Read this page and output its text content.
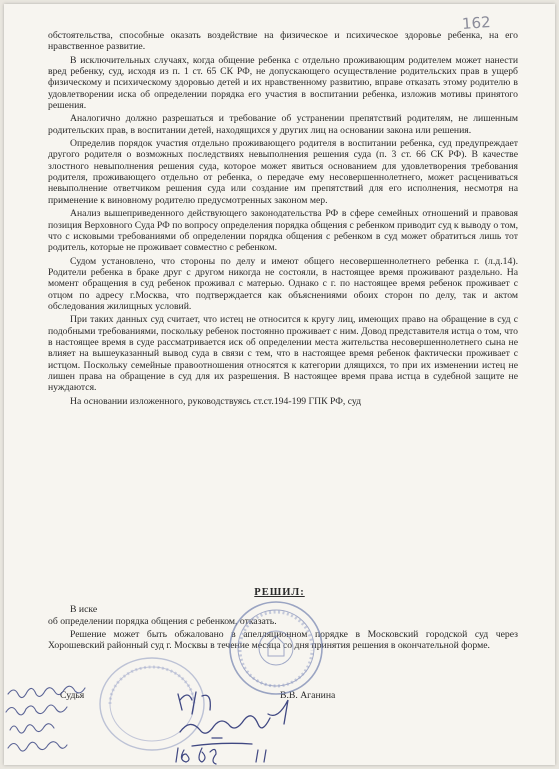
162

обстоятельства, способные оказать воздействие на физическое и психическое здоровье ребенка, на его нравственное развитие.

В исключительных случаях, когда общение ребенка с отдельно проживающим родителем может нанести вред ребенку, суд, исходя из п. 1 ст. 65 СК РФ, не допускающего осуществление родительских прав в ущерб физическому и психическому здоровью детей и их нравственному развитию, вправе отказать этому родителю в удовлетворении иска об определении порядка его участия в воспитании ребенка, изложив мотивы принятого решения.

Аналогично должно разрешаться и требование об устранении препятствий родителям, не лишенным родительских прав, в воспитании детей, находящихся у других лиц на основании закона или решения.

Определив порядок участия отдельно проживающего родителя в воспитании ребенка, суд предупреждает другого родителя о возможных последствиях невыполнения решения суда (п. 3 ст. 66 СК РФ). В качестве злостного невыполнения решения суда, которое может явиться основанием для удовлетворения требования родителя, проживающего отдельно от ребенка, о передаче ему несовершеннолетнего, может расцениваться невыполнение ответчиком решения суда или создание им препятствий для его исполнения, несмотря на применение к виновному родителю предусмотренных законом мер.

Анализ вышеприведенного действующего законодательства РФ в сфере семейных отношений и правовая позиция Верховного Суда РФ по вопросу определения порядка общения с ребенком приводит суд к выводу о том, что с исковыми требованиями об определении порядка общения с ребенком в суд может обратиться лишь тот родитель, которые не проживает совместно с ребенком.

Судом установлено, что стороны по делу и имеют общего несовершеннолетнего ребенка г. (л.д.14). Родители ребенка в браке друг с другом никогда не состояли, в настоящее время проживают раздельно. На момент обращения в суд ребенок проживал с матерью. Однако с г. по настоящее время ребенок проживает с отцом по адресу г.Москва, что подтверждается как объяснениями обоих сторон по делу, так и актом обследования жилищных условий.

При таких данных суд считает, что истец не относится к кругу лиц, имеющих право на обращение в суд с подобными требованиями, поскольку ребенок постоянно проживает с ним. Довод представителя истца о том, что в настоящее время в суде рассматривается иск об определении места жительства несовершеннолетнего сына не влияет на вышеуказанный вывод суда в связи с тем, что в настоящее время ребенок фактически проживает с истцом. Поскольку семейные правоотношения относятся к категории длящихся, то при их изменении истец не лишен права на обращение в суд для их разрешения. В настоящее время права истца в судебной защите не нуждаются.

На основании изложенного, руководствуясь ст.ст.194-199 ГПК РФ, суд

РЕШИЛ:

В иске

об определении порядка общения с ребенком, отказать.

Решение может быть обжаловано в апелляционном порядке в Московский городской суд через Хорошевский районный суд г. Москвы в течение месяца со дня принятия решения в окончательной форме.

Судья	В.В. Аганина
